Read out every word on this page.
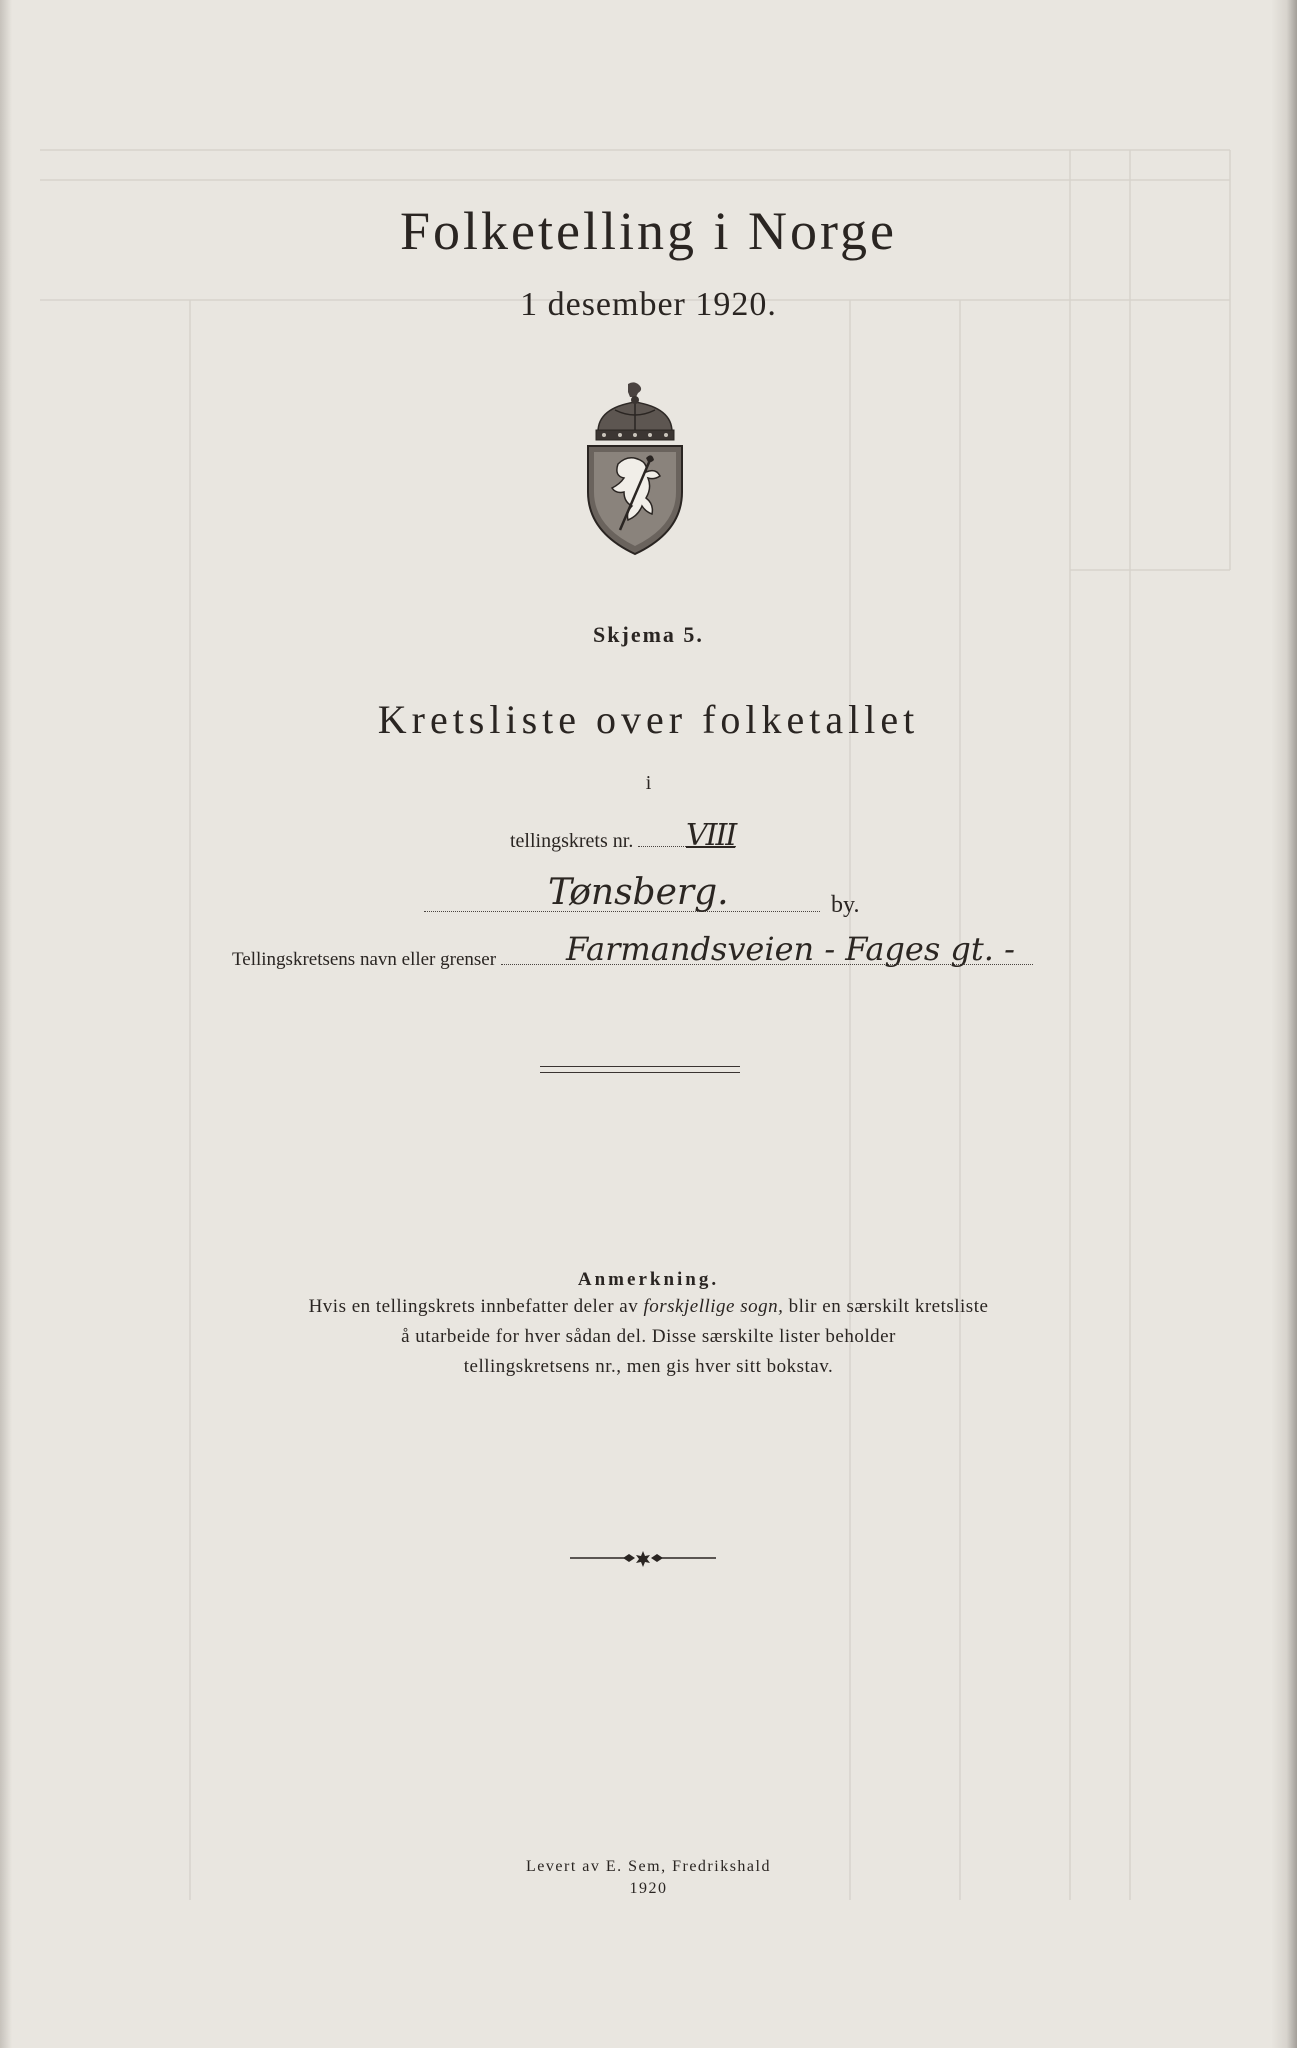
Folketelling i Norge
1 desember 1920.
Skjema 5.
Kretsliste over folketallet
i
tellingskrets nr.	VIII
by.
Tønsberg.
Tellingskretsens navn eller grenser	Farmandsveien - Fages gt. -
Anmerkning.
Hvis en tellingskrets innbefatter deler av forskjellige sogn, blir en særskilt kretsliste
å utarbeide for hver sådan del. Disse særskilte lister beholder
tellingskretsens nr., men gis hver sitt bokstav.
Levert av E. Sem, Fredrikshald
1920
